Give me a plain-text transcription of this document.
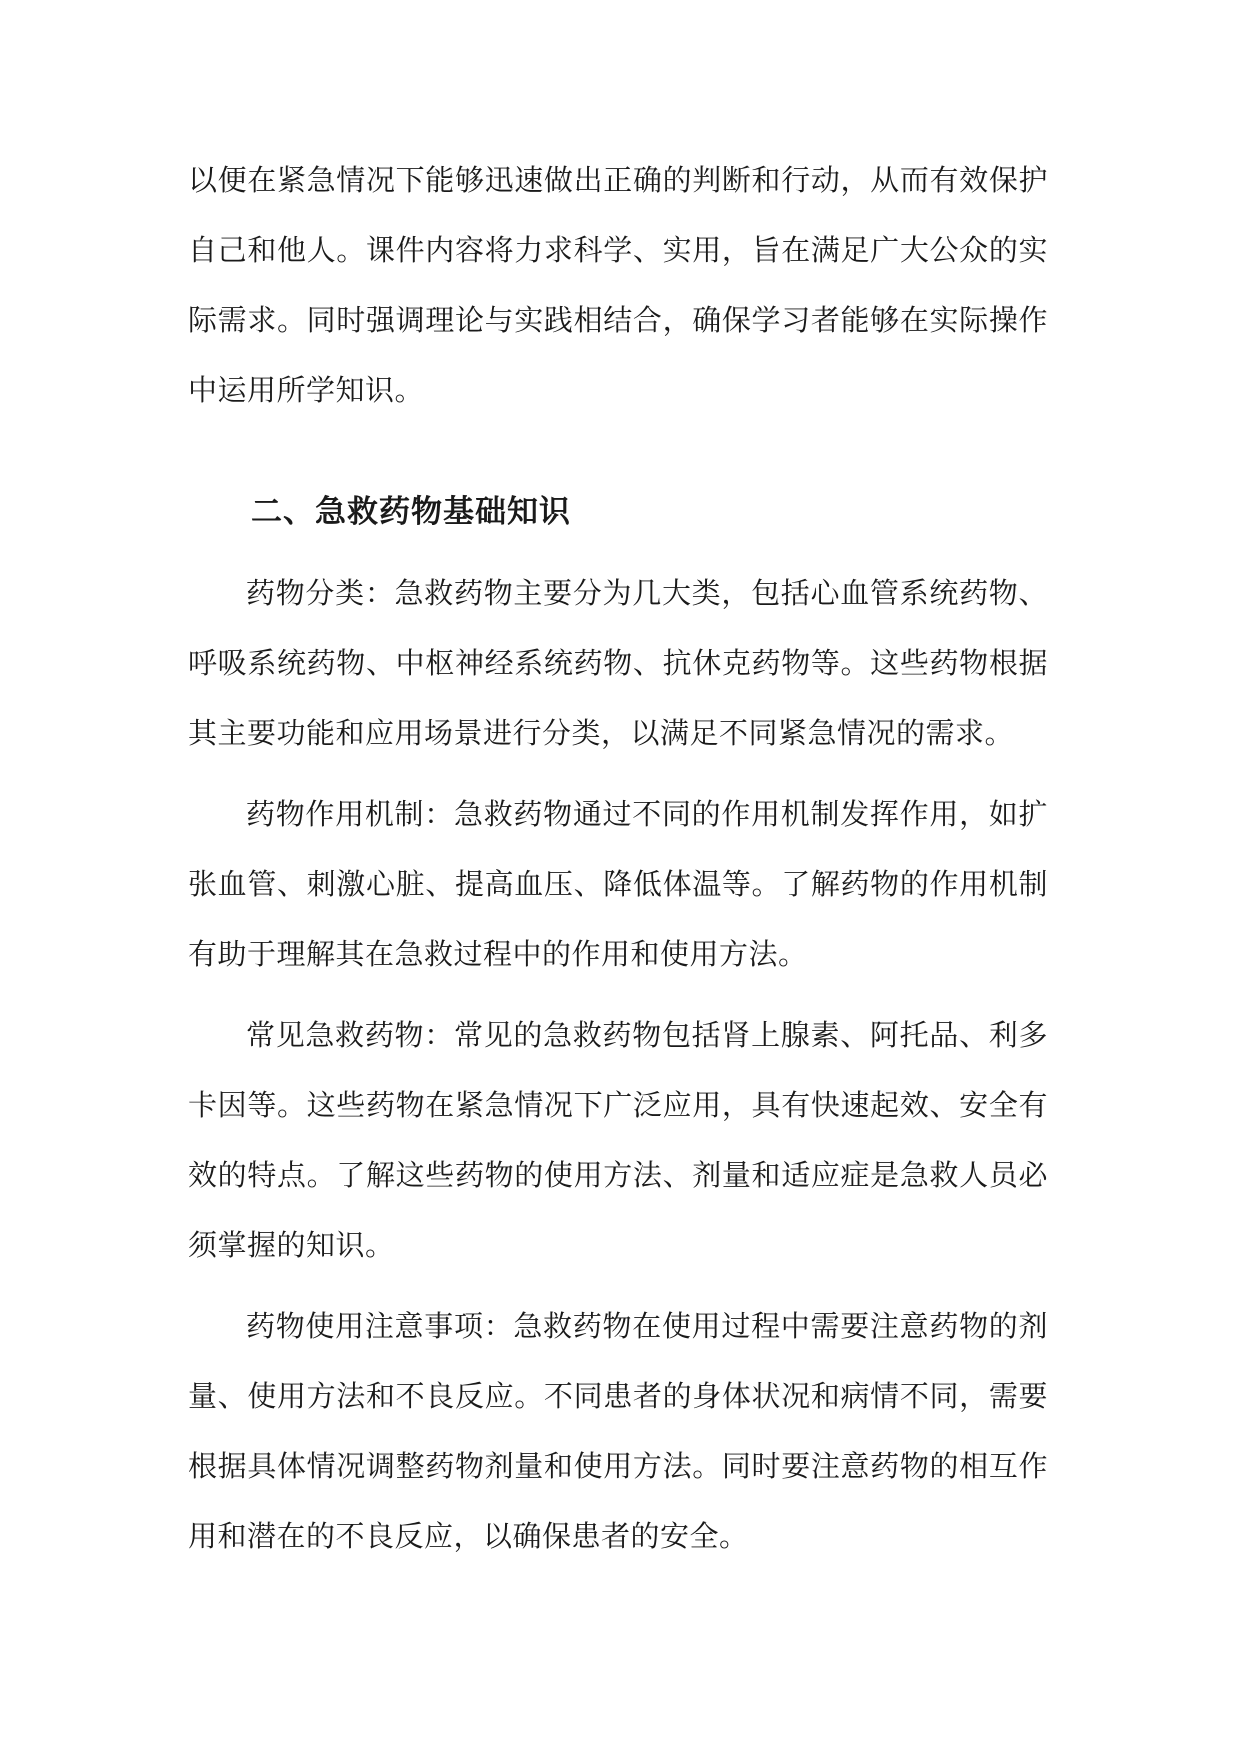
以便在紧急情况下能够迅速做出正确的判断和行动，从而有效保护自己和他人。课件内容将力求科学、实用，旨在满足广大公众的实际需求。同时强调理论与实践相结合，确保学习者能够在实际操作中运用所学知识。

二、急救药物基础知识

药物分类：急救药物主要分为几大类，包括心血管系统药物、呼吸系统药物、中枢神经系统药物、抗休克药物等。这些药物根据其主要功能和应用场景进行分类，以满足不同紧急情况的需求。

药物作用机制：急救药物通过不同的作用机制发挥作用，如扩张血管、刺激心脏、提高血压、降低体温等。了解药物的作用机制有助于理解其在急救过程中的作用和使用方法。

常见急救药物：常见的急救药物包括肾上腺素、阿托品、利多卡因等。这些药物在紧急情况下广泛应用，具有快速起效、安全有效的特点。了解这些药物的使用方法、剂量和适应症是急救人员必须掌握的知识。

药物使用注意事项：急救药物在使用过程中需要注意药物的剂量、使用方法和不良反应。不同患者的身体状况和病情不同，需要根据具体情况调整药物剂量和使用方法。同时要注意药物的相互作用和潜在的不良反应，以确保患者的安全。
